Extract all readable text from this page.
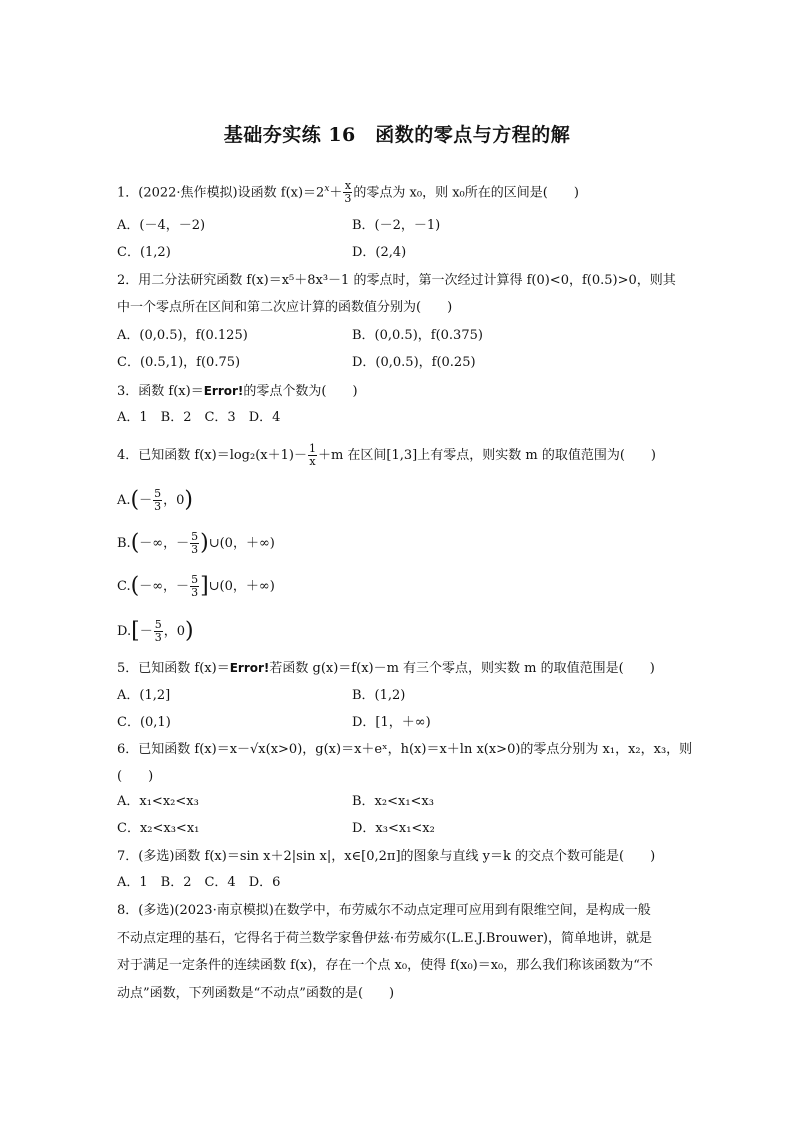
基础夯实练 16　函数的零点与方程的解
1．(2022·焦作模拟)设函数 $f(x)=2^x+ \frac{x}{3}$ 的零点为 x₀，则 x₀所在的区间是(　　)
A．(－4，－2)	B．(－2，－1)
C．(1,2)	D．(2,4)
2．用二分法研究函数 f(x)＝x⁵＋8x³－1 的零点时，第一次经过计算得 f(0)<0，f(0.5)>0，则其
中一个零点所在区间和第二次应计算的函数值分别为(　　)
A．(0,0.5)，f(0.125)	B．(0,0.5)，f(0.375)
C．(0.5,1)，f(0.75)	D．(0,0.5)，f(0.25)
3．函数 f(x)＝Error!的零点个数为(　　)
A．1　B．2　C．3　D．4
4．已知函数 $f(x)=\log_2(x+1)- \frac{1}{x} +m$ 在区间[1,3]上有零点，则实数 m 的取值范围为(　　)
$A.(- \frac{5}{3}$ ，0)
B.(－∞，－ $\frac{5}{3}$ )∪(0，＋∞)
C.(－∞，－ $\frac{5}{3}$ ]∪(0，＋∞)
$D.[- \frac{5}{3}$ ，0)
5．已知函数 f(x)＝Error!若函数 g(x)＝f(x)－m 有三个零点，则实数 m 的取值范围是(　　)
A．(1,2]	B．(1,2)
C．(0,1)	D．[1，＋∞)
6．已知函数 f(x)＝x－√x(x>0)，g(x)＝x＋eˣ，h(x)＝x＋ln x(x>0)的零点分别为 x₁，x₂，x₃，则
(　　)
A．x₁<x₂<x₃	B．x₂<x₁<x₃
C．x₂<x₃<x₁	D．x₃<x₁<x₂
7．(多选)函数 f(x)＝sin x＋2|sin x|，x∈[0,2π]的图象与直线 y＝k 的交点个数可能是(　　)
A．1　B．2　C．4　D．6
8．(多选)(2023·南京模拟)在数学中，布劳威尔不动点定理可应用到有限维空间，是构成一般
不动点定理的基石，它得名于荷兰数学家鲁伊兹·布劳威尔(L.E.J.Brouwer)，简单地讲，就是
对于满足一定条件的连续函数 f(x)，存在一个点 x₀，使得 f(x₀)＝x₀，那么我们称该函数为“不
动点”函数，下列函数是“不动点”函数的是(　　)
